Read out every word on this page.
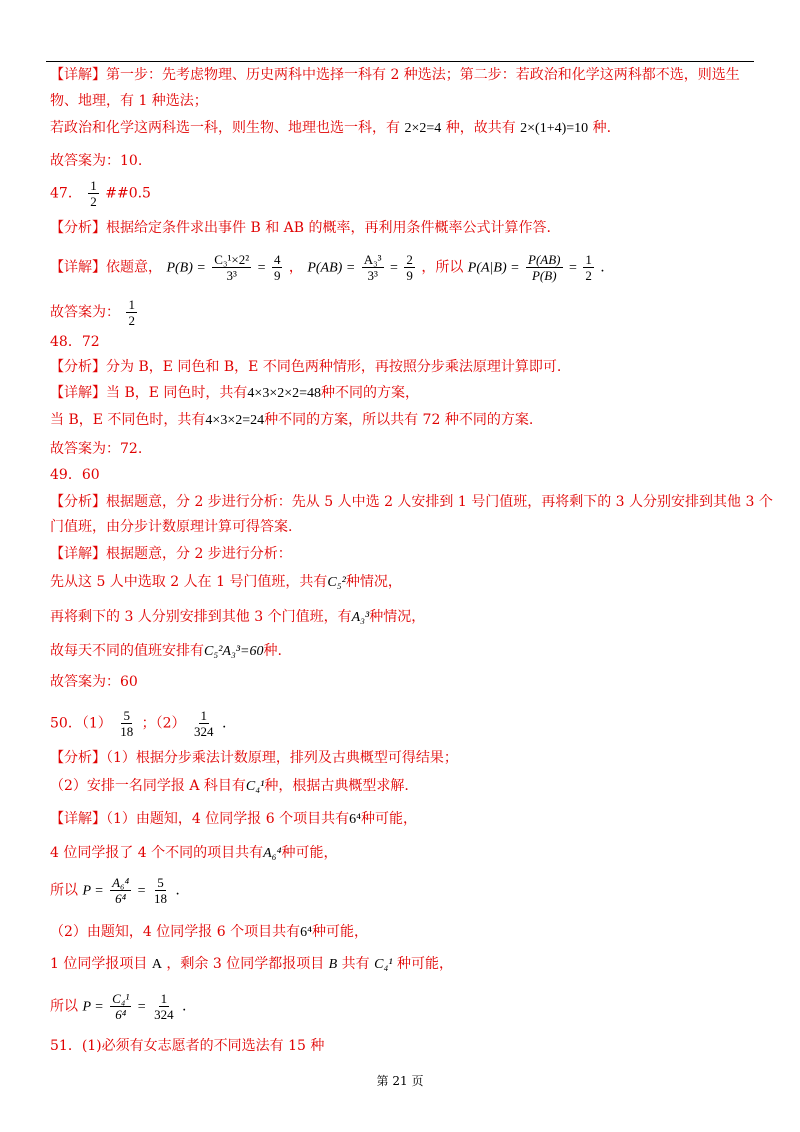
【详解】第一步：先考虑物理、历史两科中选择一科有 2 种选法；第二步：若政治和化学这两科都不选，则选生
物、地理，有 1 种选法；
若政治和化学这两科选一科，则生物、地理也选一科，有 2×2=4 种，故共有 2×(1+4)=10 种.
故答案为：10.
47． $\frac{1}{2}$ ##0.5
【分析】根据给定条件求出事件 B 和 AB 的概率，再利用条件概率公式计算作答.
【详解】依题意， $P(B) = \frac{\text{C₃¹×2²}}{\text{3³}} = \frac{4}{9}$ ， $P(AB) = \frac{\text{A₃³}}{\text{3³}} = \frac{2}{9}$ ，所以 $P(A|B) = \frac{P(AB)}{P(B)} = \frac{1}{2}$ .
故答案为： $\frac{1}{2}$
48．72
【分析】分为 B，E 同色和 B，E 不同色两种情形，再按照分步乘法原理计算即可.
【详解】当 B，E 同色时，共有4×3×2×2=48种不同的方案，
当 B，E 不同色时，共有4×3×2=24种不同的方案，所以共有 72 种不同的方案.
故答案为：72.
49．60
【分析】根据题意，分 2 步进行分析：先从 5 人中选 2 人安排到 1 号门值班，再将剩下的 3 人分别安排到其他 3 个
门值班，由分步计数原理计算可得答案.
【详解】根据题意，分 2 步进行分析：
先从这 5 人中选取 2 人在 1 号门值班，共有C₅²种情况，
再将剩下的 3 人分别安排到其他 3 个门值班，有A₃³种情况，
故每天不同的值班安排有C₅²A₃³=60种.
故答案为：60
50．$(1) \frac{5}{18}$ ；$(2) \frac{1}{324}$ .
【分析】（1）根据分步乘法计数原理，排列及古典概型可得结果；
（2）安排一名同学报 A 科目有C₄¹种，根据古典概型求解.
【详解】（1）由题知，4 位同学报 6 个项目共有6⁴种可能，
4 位同学报了 4 个不同的项目共有A₆⁴种可能，
所以 $P = \frac{\text{A₆⁴}}{\text{6⁴}} = \frac{5}{18}$ .
（2）由题知，4 位同学报 6 个项目共有6⁴种可能，
1 位同学报项目 A ，剩余 3 位同学都报项目 B 共有 C₄¹ 种可能，
所以 $P = \frac{\text{C₄¹}}{\text{6⁴}} = \frac{1}{324}$ .
51．(1)必须有女志愿者的不同选法有 15 种
第 21 页
